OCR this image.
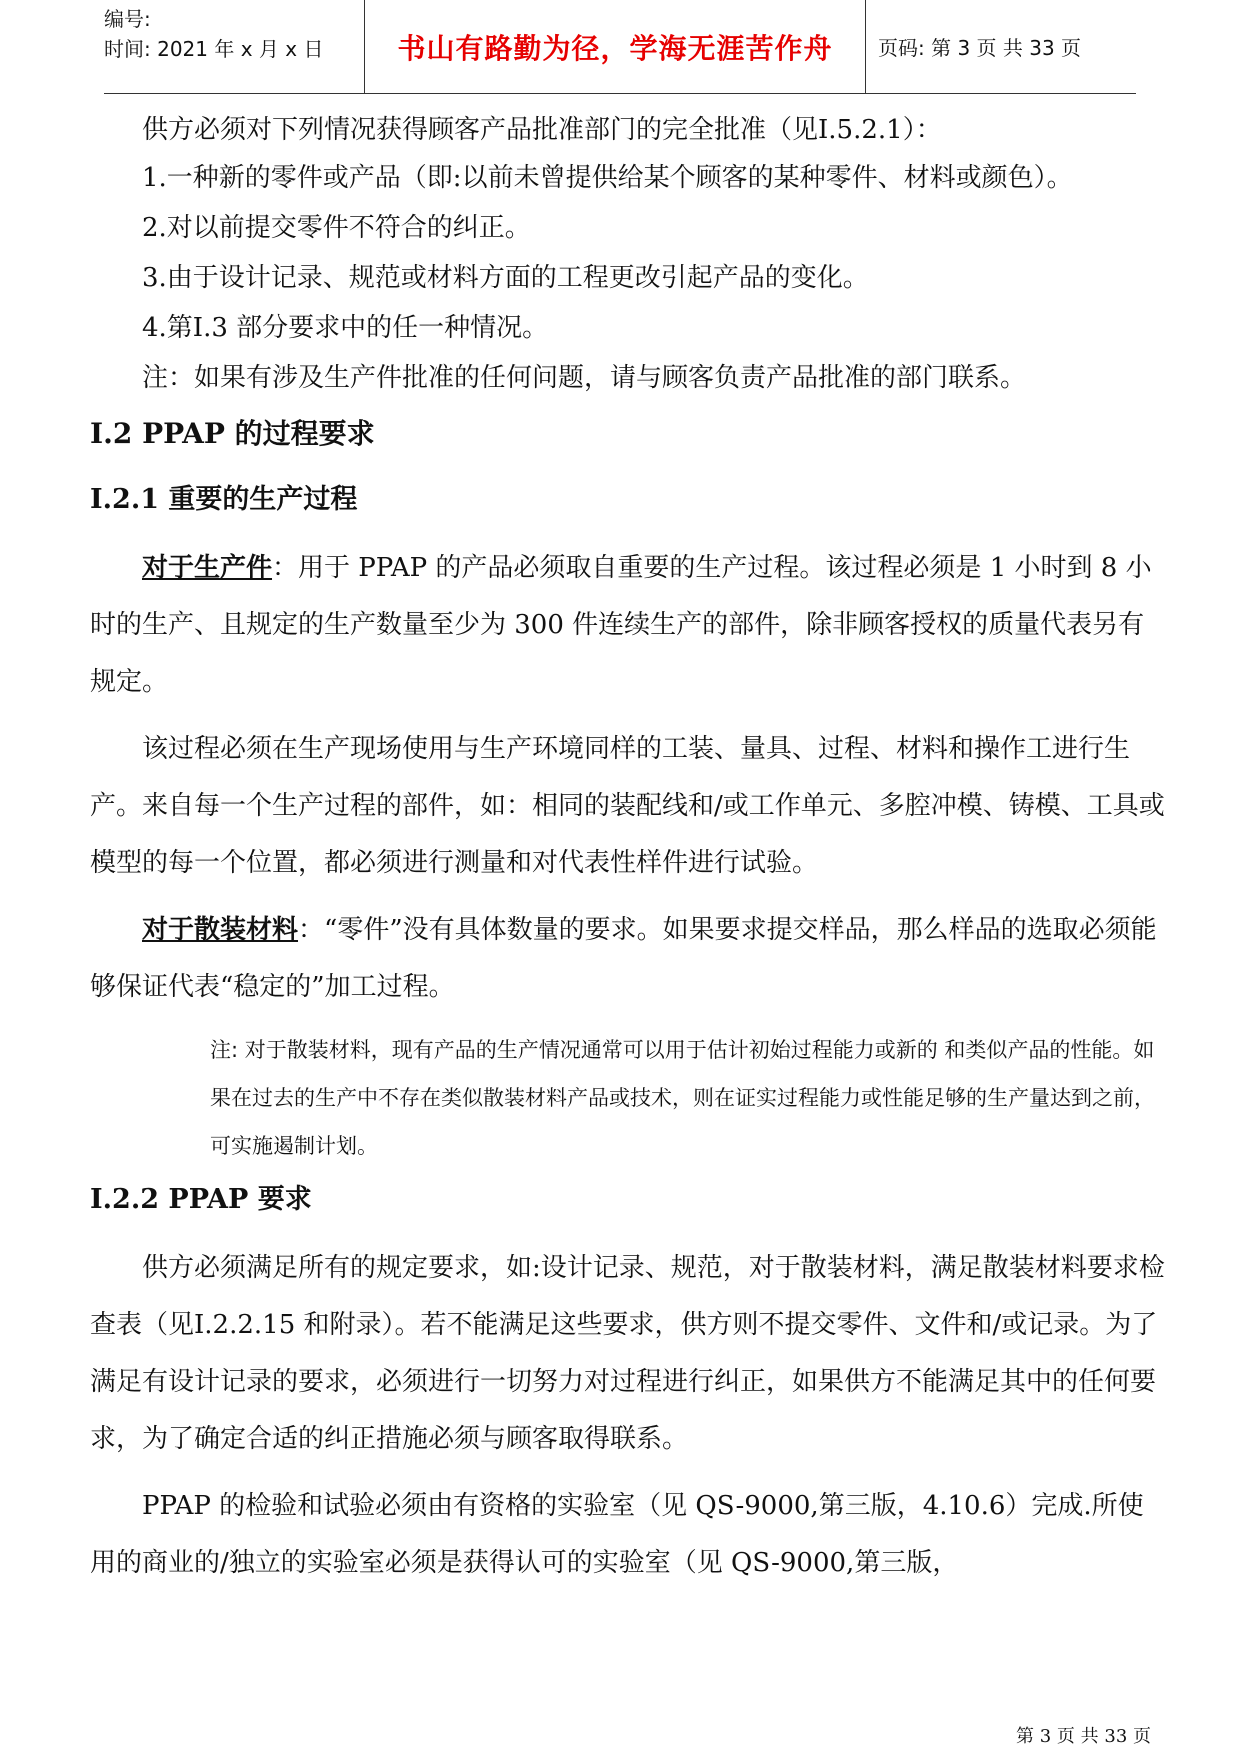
编号:
时间: 2021 年 x 月 x 日	书山有路勤为径，学海无涯苦作舟	页码: 第 3 页 共 33 页

供方必须对下列情况获得顾客产品批准部门的完全批准（见Ⅰ.5.2.1）：

1.一种新的零件或产品（即:以前未曾提供给某个顾客的某种零件、材料或颜色）。

2.对以前提交零件不符合的纠正。

3.由于设计记录、规范或材料方面的工程更改引起产品的变化。

4.第Ⅰ.3 部分要求中的任一种情况。

注：如果有涉及生产件批准的任何问题，请与顾客负责产品批准的部门联系。

Ⅰ.2 PPAP 的过程要求
Ⅰ.2.1 重要的生产过程

对于生产件：用于 PPAP 的产品必须取自重要的生产过程。该过程必须是 1 小时到 8 小时的生产、且规定的生产数量至少为 300 件连续生产的部件，除非顾客授权的质量代表另有规定。

该过程必须在生产现场使用与生产环境同样的工装、量具、过程、材料和操作工进行生产。来自每一个生产过程的部件，如：相同的装配线和/或工作单元、多腔冲模、铸模、工具或模型的每一个位置，都必须进行测量和对代表性样件进行试验。

对于散装材料：“零件”没有具体数量的要求。如果要求提交样品，那么样品的选取必须能够保证代表“稳定的”加工过程。

注: 对于散装材料，现有产品的生产情况通常可以用于估计初始过程能力或新的 和类似产品的性能。如果在过去的生产中不存在类似散装材料产品或技术，则在证实过程能力或性能足够的生产量达到之前，可实施遏制计划。

Ⅰ.2.2 PPAP 要求

供方必须满足所有的规定要求，如:设计记录、规范，对于散装材料，满足散装材料要求检查表（见Ⅰ.2.2.15 和附录）。若不能满足这些要求，供方则不提交零件、文件和/或记录。为了满足有设计记录的要求，必须进行一切努力对过程进行纠正，如果供方不能满足其中的任何要求，为了确定合适的纠正措施必须与顾客取得联系。

PPAP 的检验和试验必须由有资格的实验室（见 QS-9000,第三版，4.10.6）完成.所使用的商业的/独立的实验室必须是获得认可的实验室（见 QS-9000,第三版，

第 3 页 共 33 页
